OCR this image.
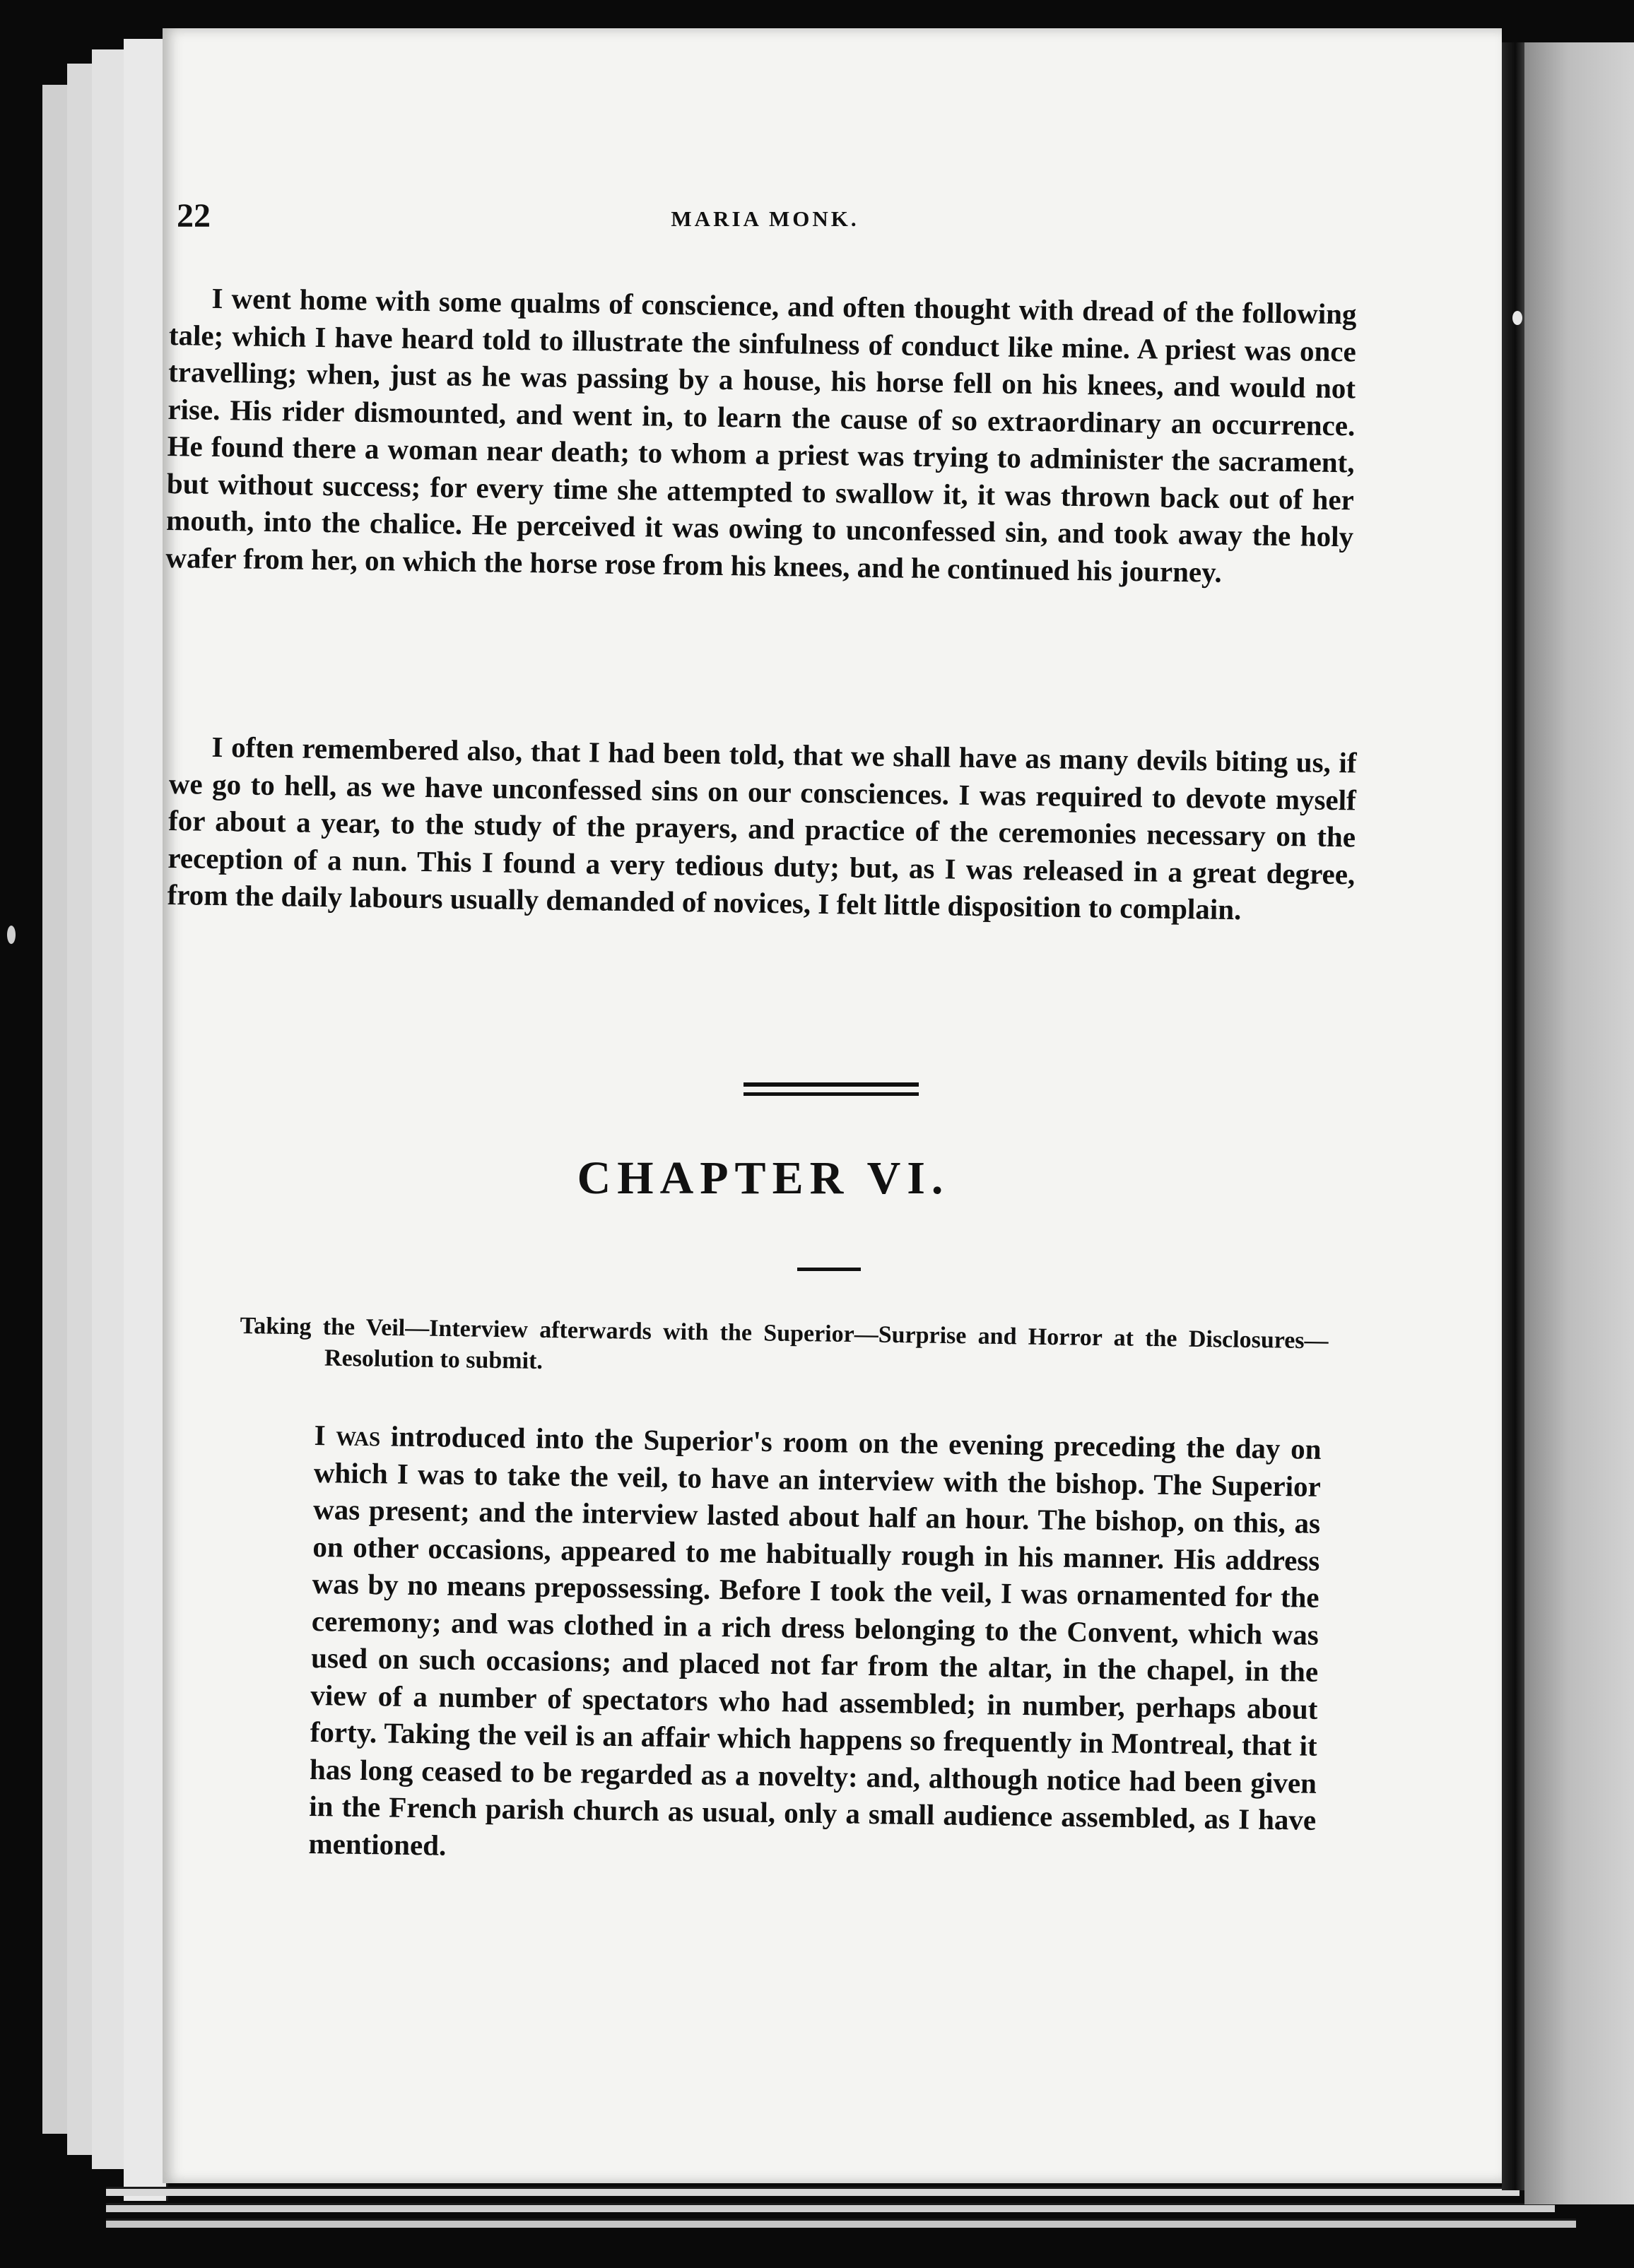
22	MARIA MONK.

I went home with some qualms of conscience, and often thought with dread of the following tale; which I have heard told to illustrate the sinfulness of conduct like mine. A priest was once travelling; when, just as he was passing by a house, his horse fell on his knees, and would not rise. His rider dismounted, and went in, to learn the cause of so extraordinary an occurrence. He found there a woman near death; to whom a priest was trying to administer the sacrament, but without success; for every time she attempted to swallow it, it was thrown back out of her mouth, into the chalice. He perceived it was owing to unconfessed sin, and took away the holy wafer from her, on which the horse rose from his knees, and he continued his journey.

I often remembered also, that I had been told, that we shall have as many devils biting us, if we go to hell, as we have unconfessed sins on our consciences. I was required to devote myself for about a year, to the study of the prayers, and practice of the ceremonies necessary on the reception of a nun. This I found a very tedious duty; but, as I was released in a great degree, from the daily labours usually demanded of novices, I felt little disposition to complain.

CHAPTER VI.

Taking the Veil—Interview afterwards with the Superior—Surprise and Horror at the Disclosures—Resolution to submit.

I was introduced into the Superior's room on the evening preceding the day on which I was to take the veil, to have an interview with the bishop. The Superior was present; and the interview lasted about half an hour. The bishop, on this, as on other occasions, appeared to me habitually rough in his manner. His address was by no means prepossessing. Before I took the veil, I was ornamented for the ceremony; and was clothed in a rich dress belonging to the Convent, which was used on such occasions; and placed not far from the altar, in the chapel, in the view of a number of spectators who had assembled; in number, perhaps about forty. Taking the veil is an affair which happens so frequently in Montreal, that it has long ceased to be regarded as a novelty: and, although notice had been given in the French parish church as usual, only a small audience assembled, as I have mentioned.
